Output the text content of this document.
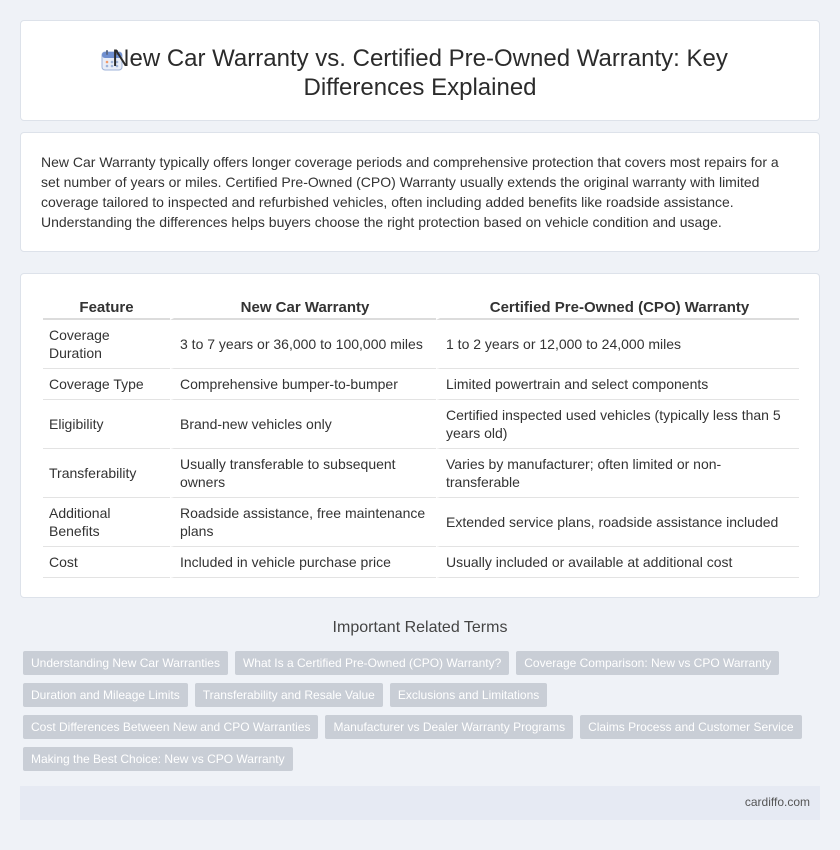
New Car Warranty vs. Certified Pre-Owned Warranty: Key Differences Explained

New Car Warranty typically offers longer coverage periods and comprehensive protection that covers most repairs for a set number of years or miles. Certified Pre-Owned (CPO) Warranty usually extends the original warranty with limited coverage tailored to inspected and refurbished vehicles, often including added benefits like roadside assistance. Understanding the differences helps buyers choose the right protection based on vehicle condition and usage.

Feature	New Car Warranty	Certified Pre-Owned (CPO) Warranty
Coverage Duration	3 to 7 years or 36,000 to 100,000 miles	1 to 2 years or 12,000 to 24,000 miles
Coverage Type	Comprehensive bumper-to-bumper	Limited powertrain and select components
Eligibility	Brand-new vehicles only	Certified inspected used vehicles (typically less than 5 years old)
Transferability	Usually transferable to subsequent owners	Varies by manufacturer; often limited or non-transferable
Additional Benefits	Roadside assistance, free maintenance plans	Extended service plans, roadside assistance included
Cost	Included in vehicle purchase price	Usually included or available at additional cost
Important Related Terms
Understanding New Car Warranties	What Is a Certified Pre-Owned (CPO) Warranty?	Coverage Comparison: New vs CPO Warranty
Duration and Mileage Limits	Transferability and Resale Value	Exclusions and Limitations
Cost Differences Between New and CPO Warranties	Manufacturer vs Dealer Warranty Programs	Claims Process and Customer Service
Making the Best Choice: New vs CPO Warranty
cardiffo.com
